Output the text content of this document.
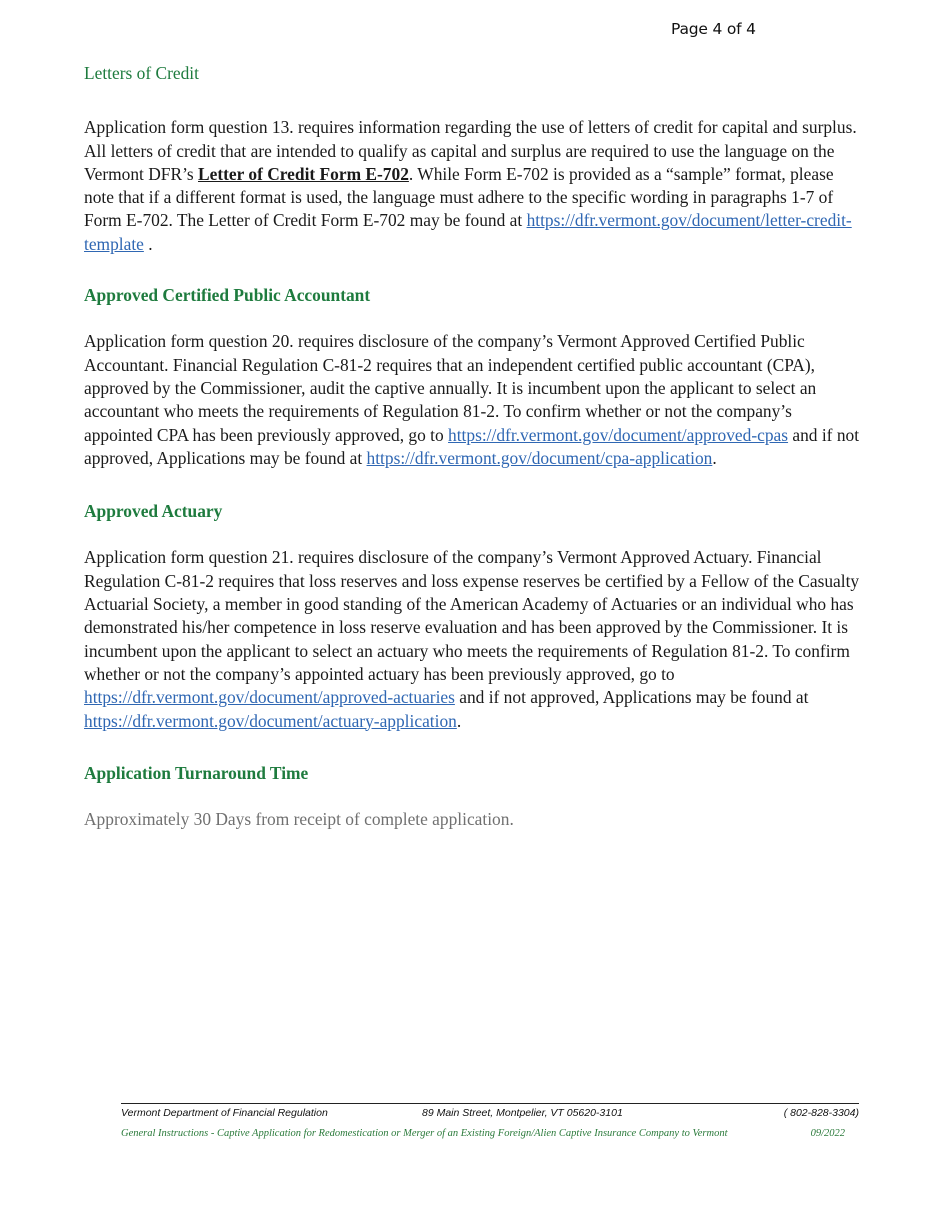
Page 4 of 4
Letters of Credit

Application form question 13. requires information regarding the use of letters of credit for capital and surplus. All letters of credit that are intended to qualify as capital and surplus are required to use the language on the Vermont DFR’s Letter of Credit Form E-702. While Form E-702 is provided as a “sample” format, please note that if a different format is used, the language must adhere to the specific wording in paragraphs 1-7 of Form E-702. The Letter of Credit Form E-702 may be found at https://dfr.vermont.gov/document/letter-credit-template .

Approved Certified Public Accountant

Application form question 20. requires disclosure of the company’s Vermont Approved Certified Public Accountant. Financial Regulation C-81-2 requires that an independent certified public accountant (CPA), approved by the Commissioner, audit the captive annually. It is incumbent upon the applicant to select an accountant who meets the requirements of Regulation 81-2. To confirm whether or not the company’s appointed CPA has been previously approved, go to https://dfr.vermont.gov/document/approved-cpas and if not approved, Applications may be found at https://dfr.vermont.gov/document/cpa-application.

Approved Actuary

Application form question 21. requires disclosure of the company’s Vermont Approved Actuary. Financial Regulation C-81-2 requires that loss reserves and loss expense reserves be certified by a Fellow of the Casualty Actuarial Society, a member in good standing of the American Academy of Actuaries or an individual who has demonstrated his/her competence in loss reserve evaluation and has been approved by the Commissioner. It is incumbent upon the applicant to select an actuary who meets the requirements of Regulation 81-2. To confirm whether or not the company’s appointed actuary has been previously approved, go to https://dfr.vermont.gov/document/approved-actuaries and if not approved, Applications may be found at https://dfr.vermont.gov/document/actuary-application.

Application Turnaround Time

Approximately 30 Days from receipt of complete application.

Vermont Department of Financial Regulation	89 Main Street, Montpelier, VT 05620-3101	( 802-828-3304)
General Instructions - Captive Application for Redomestication or Merger of an Existing Foreign/Alien Captive Insurance Company to Vermont	09/2022
